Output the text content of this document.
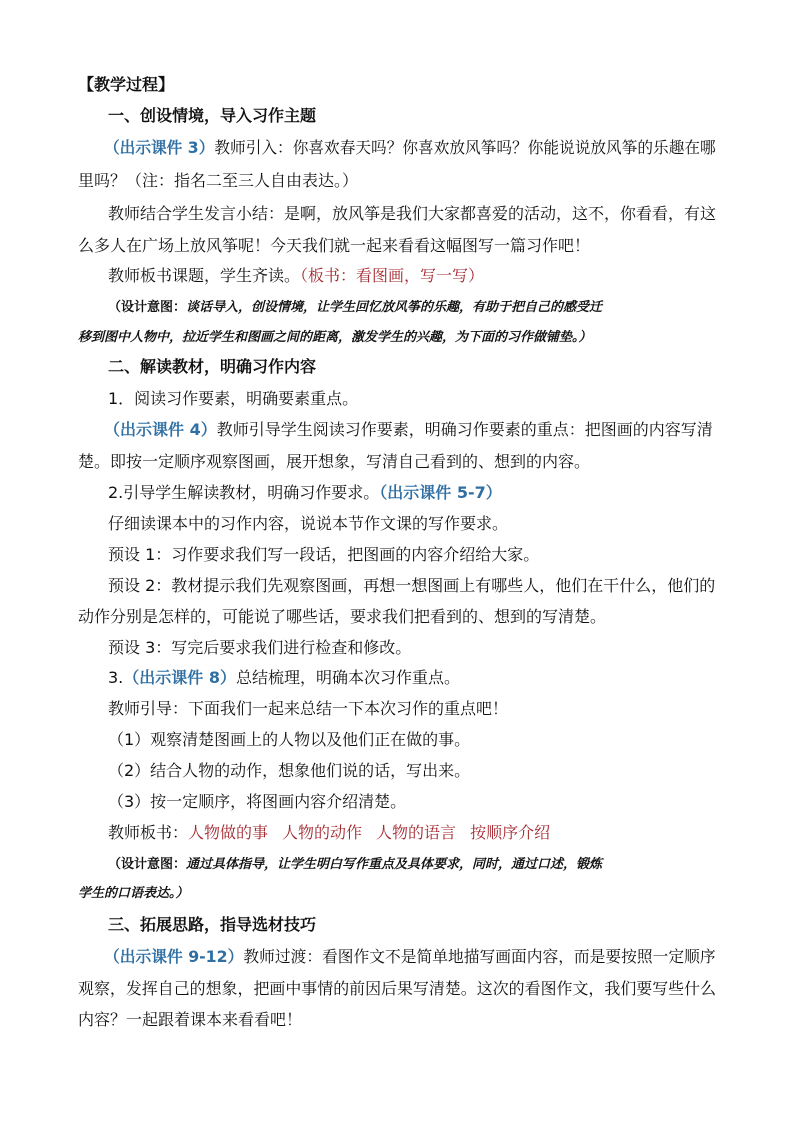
【教学过程】
一、创设情境，导入习作主题
（出示课件 3）教师引入：你喜欢春天吗？你喜欢放风筝吗？你能说说放风筝的乐趣在哪
里吗？（注：指名二至三人自由表达。）
教师结合学生发言小结：是啊，放风筝是我们大家都喜爱的活动，这不，你看看，有这
么多人在广场上放风筝呢！今天我们就一起来看看这幅图写一篇习作吧！
教师板书课题，学生齐读。（板书：看图画，写一写）
（设计意图：谈话导入，创设情境，让学生回忆放风筝的乐趣，有助于把自己的感受迁
移到图中人物中，拉近学生和图画之间的距离，激发学生的兴趣，为下面的习作做铺垫。）
二、解读教材，明确习作内容
1．阅读习作要素，明确要素重点。
（出示课件 4）教师引导学生阅读习作要素，明确习作要素的重点：把图画的内容写清
楚。即按一定顺序观察图画，展开想象，写清自己看到的、想到的内容。
2.引导学生解读教材，明确习作要求。（出示课件 5-7）
仔细读课本中的习作内容，说说本节作文课的写作要求。
预设 1：习作要求我们写一段话，把图画的内容介绍给大家。
预设 2：教材提示我们先观察图画，再想一想图画上有哪些人，他们在干什么，他们的
动作分别是怎样的，可能说了哪些话，要求我们把看到的、想到的写清楚。
预设 3：写完后要求我们进行检查和修改。
3.（出示课件 8）总结梳理，明确本次习作重点。
教师引导：下面我们一起来总结一下本次习作的重点吧！
（1）观察清楚图画上的人物以及他们正在做的事。
（2）结合人物的动作，想象他们说的话，写出来。
（3）按一定顺序，将图画内容介绍清楚。
教师板书：人物做的事 人物的动作 人物的语言 按顺序介绍
（设计意图：通过具体指导，让学生明白写作重点及具体要求，同时，通过口述，锻炼
学生的口语表达。）
三、拓展思路，指导选材技巧
（出示课件 9-12）教师过渡：看图作文不是简单地描写画面内容，而是要按照一定顺序
观察，发挥自己的想象，把画中事情的前因后果写清楚。这次的看图作文，我们要写些什么
内容？一起跟着课本来看看吧！
